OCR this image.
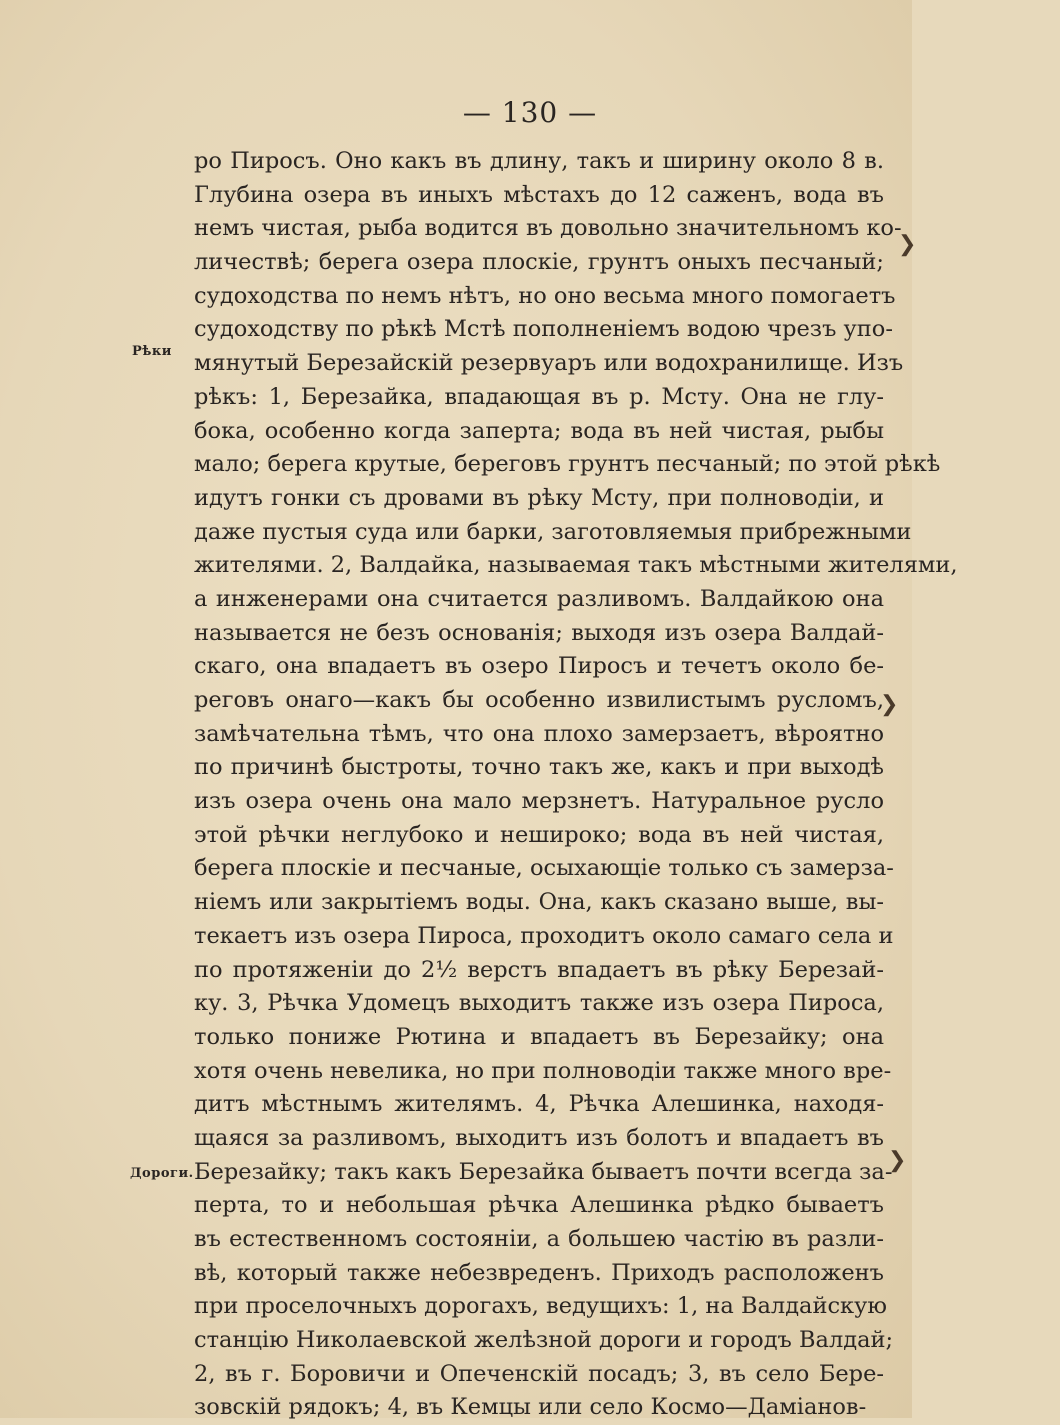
— 130 —
Рѣки
Дороги.
❯
❯
❯
ро Пиросъ. Оно какъ въ длину, такъ и ширину около 8 в.
Глубина озера въ иныхъ мѣстахъ до 12 саженъ, вода въ
немъ чистая, рыба водится въ довольно значительномъ ко-
личествѣ; берега озера плоскіе, грунтъ оныхъ песчаный;
судоходства по немъ нѣтъ, но оно весьма много помогаетъ
судоходству по рѣкѣ Мстѣ пополненіемъ водою чрезъ упо-
мянутый Березайскій резервуаръ или водохранилище. Изъ
рѣкъ: 1, Березайка, впадающая въ р. Мсту. Она не глу-
бока, особенно когда заперта; вода въ ней чистая, рыбы
мало; берега крутые, береговъ грунтъ песчаный; по этой рѣкѣ
идутъ гонки съ дровами въ рѣку Мсту, при полноводіи, и
даже пустыя суда или барки, заготовляемыя прибрежными
жителями. 2, Валдайка, называемая такъ мѣстными жителями,
а инженерами она считается разливомъ. Валдайкою она
называется не безъ основанія; выходя изъ озера Валдай-
скаго, она впадаетъ въ озеро Пиросъ и течетъ около бе-
реговъ онаго—какъ бы особенно извилистымъ русломъ,
замѣчательна тѣмъ, что она плохо замерзаетъ, вѣроятно
по причинѣ быстроты, точно такъ же, какъ и при выходѣ
изъ озера очень она мало мерзнетъ. Натуральное русло
этой рѣчки неглубоко и неширoко; вода въ ней чистая,
берега плоскіе и песчаные, осыхающіе только съ замерза-
ніемъ или закрытіемъ воды. Она, какъ сказано выше, вы-
текаетъ изъ озера Пироса, проходитъ около самаго села и
по протяженіи до 2½ верстъ впадаетъ въ рѣку Березай-
ку. 3, Рѣчка Удомецъ выходитъ также изъ озера Пироса,
только пониже Рютина и впадаетъ въ Березайку; она
хотя очень невелика, но при полноводіи также много вре-
дитъ мѣстнымъ жителямъ. 4, Рѣчка Алешинка, находя-
щаяся за разливомъ, выходитъ изъ болотъ и впадаетъ въ
Березайку; такъ какъ Березайка бываетъ почти всегда за-
перта, то и небольшая рѣчка Алешинка рѣдко бываетъ
въ естественномъ состояніи, а большею частію въ разли-
вѣ, который также небезвреденъ. Приходъ расположенъ
при проселочныхъ дорогахъ, ведущихъ: 1, на Валдайскую
станцію Николаевской желѣзной дороги и городъ Валдай;
2, въ г. Боровичи и Опеченскій посадъ; 3, въ село Бере-
зовскій рядокъ; 4, въ Кемцы или село Космо—Даміанов-
